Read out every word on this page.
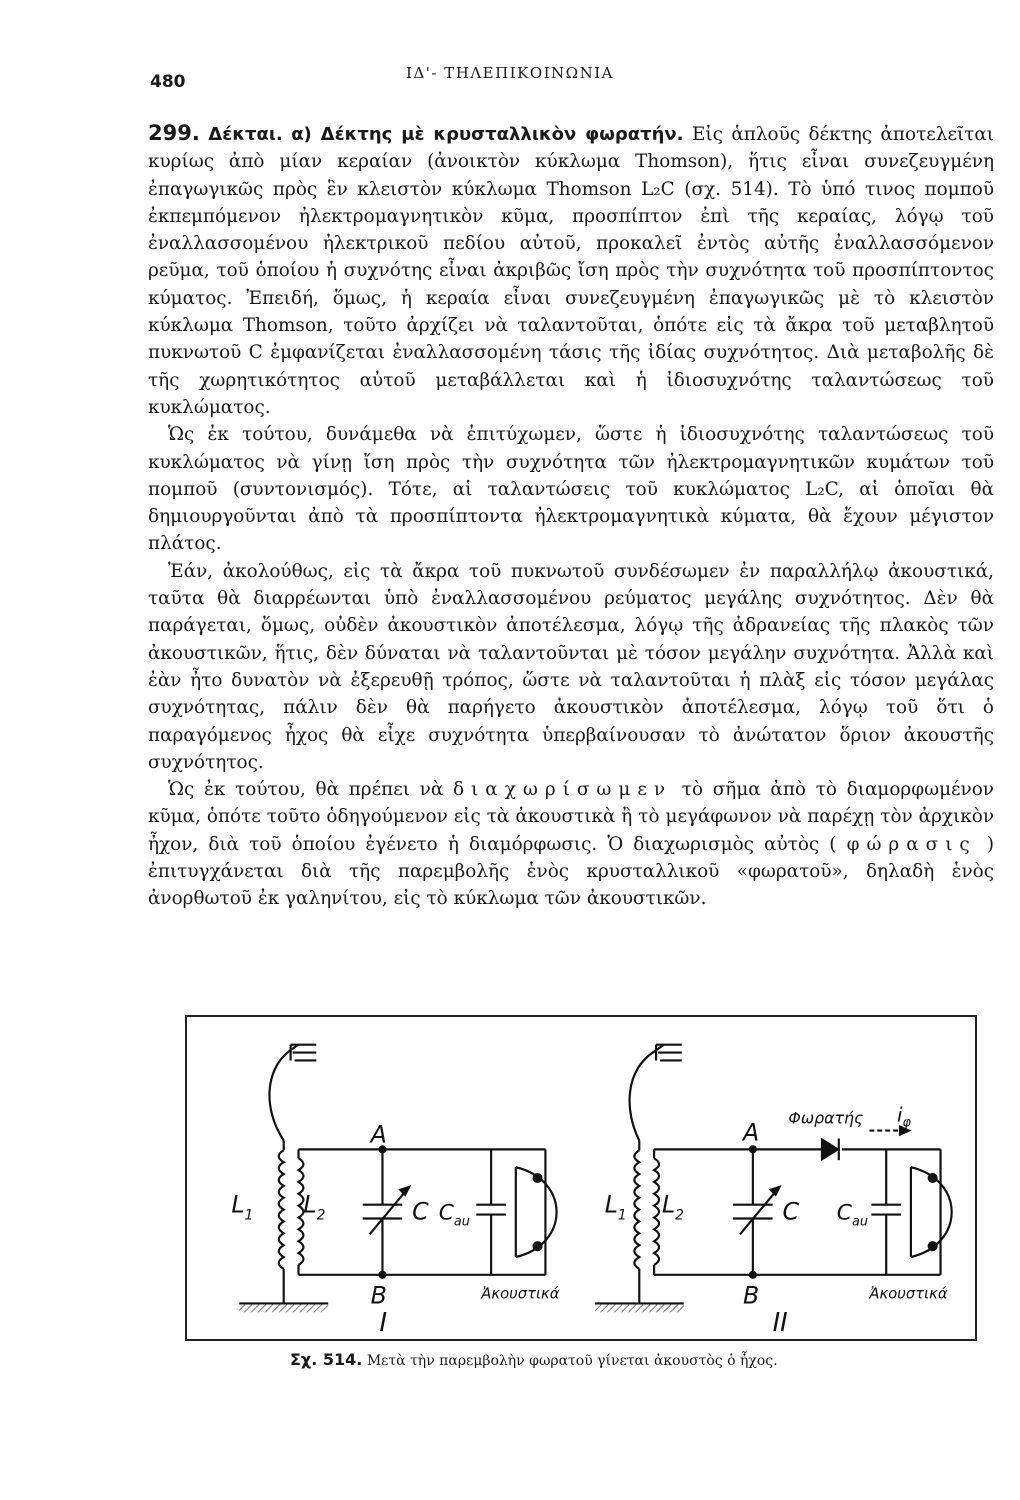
480	ΙΔ'- ΤΗΛΕΠΙΚΟΙΝΩΝΙΑ

299. Δέκται. α) Δέκτης μὲ κρυσταλλικὸν φωρατήν. Εἰς ἁπλοῦς δέκτης ἀποτελεῖται κυρίως ἀπὸ μίαν κεραίαν (ἀνοικτὸν κύκλωμα Thomson), ἥτις εἶναι συνεζευγμένη ἐπαγωγικῶς πρὸς ἓν κλειστὸν κύκλωμα Thomson L₂C (σχ. 514). Τὸ ὑπό τινος πομποῦ ἐκπεμπόμενον ἠλεκτρομαγνητικὸν κῦμα, προσπίπτον ἐπὶ τῆς κεραίας, λόγῳ τοῦ ἐναλλασσομένου ἠλεκτρικοῦ πεδίου αὐτοῦ, προκαλεῖ ἐντὸς αὐτῆς ἐναλλασσόμενον ρεῦμα, τοῦ ὁποίου ἡ συχνότης εἶναι ἀκριβῶς ἴση πρὸς τὴν συχνότητα τοῦ προσπίπτοντος κύματος. Ἐπειδή, ὅμως, ἡ κεραία εἶναι συνεζευγμένη ἐπαγωγικῶς μὲ τὸ κλειστὸν κύκλωμα Thomson, τοῦτο ἀρχίζει νὰ ταλαντοῦται, ὁπότε εἰς τὰ ἄκρα τοῦ μεταβλητοῦ πυκνωτοῦ C ἐμφανίζεται ἐναλλασσομένη τάσις τῆς ἰδίας συχνότητος. Διὰ μεταβολῆς δὲ τῆς χωρητικότητος αὐτοῦ μεταβάλλεται καὶ ἡ ἰδιοσυχνότης ταλαντώσεως τοῦ κυκλώματος.

Ὡς ἐκ τούτου, δυνάμεθα νὰ ἐπιτύχωμεν, ὥστε ἡ ἰδιοσυχνότης ταλαντώσεως τοῦ κυκλώματος νὰ γίνῃ ἴση πρὸς τὴν συχνότητα τῶν ἠλεκτρομαγνητικῶν κυμάτων τοῦ πομποῦ (συντονισμός). Τότε, αἱ ταλαντώσεις τοῦ κυκλώματος L₂C, αἱ ὁποῖαι θὰ δημιουργοῦνται ἀπὸ τὰ προσπίπτοντα ἠλεκτρομαγνητικὰ κύματα, θὰ ἔχουν μέγιστον πλάτος.

Ἐάν, ἀκολούθως, εἰς τὰ ἄκρα τοῦ πυκνωτοῦ συνδέσωμεν ἐν παραλλήλῳ ἀκουστικά, ταῦτα θὰ διαρρέωνται ὑπὸ ἐναλλασσομένου ρεύματος μεγάλης συχνότητος. Δὲν θὰ παράγεται, ὅμως, οὐδὲν ἀκουστικὸν ἀποτέλεσμα, λόγῳ τῆς ἀδρανείας τῆς πλακὸς τῶν ἀκουστικῶν, ἥτις, δὲν δύναται νὰ ταλαντοῦνται μὲ τόσον μεγάλην συχνότητα. Ἀλλὰ καὶ ἐὰν ἦτο δυνατὸν νὰ ἐξερευθῇ τρόπος, ὥστε νὰ ταλαντοῦται ἡ πλὰξ εἰς τόσον μεγάλας συχνότητας, πάλιν δὲν θὰ παρήγετο ἀκουστικὸν ἀποτέλεσμα, λόγῳ τοῦ ὅτι ὁ παραγόμενος ἦχος θὰ εἶχε συχνότητα ὑπερβαίνουσαν τὸ ἀνώτατον ὅριον ἀκουστῆς συχνότητος.

Ὡς ἐκ τούτου, θὰ πρέπει νὰ διαχωρίσωμεν τὸ σῆμα ἀπὸ τὸ διαμορφωμένον κῦμα, ὁπότε τοῦτο ὁδηγούμενον εἰς τὰ ἀκουστικὰ ἢ τὸ μεγάφωνον νὰ παρέχῃ τὸν ἀρχικὸν ἦχον, διὰ τοῦ ὁποίου ἐγένετο ἡ διαμόρφωσις. Ὁ διαχωρισμὸς αὐτὸς ( φώρασις ) ἐπιτυγχάνεται διὰ τῆς παρεμβολῆς ἑνὸς κρυσταλλικοῦ «φωρατοῦ», δηλαδὴ ἑνὸς ἀνορθωτοῦ ἐκ γαληνίτου, εἰς τὸ κύκλωμα τῶν ἀκουστικῶν.

$L_1$ $L_2$
A
B
C $C_{au}$
Ἀκουστικά
I
$L_1$ $L_2$
A
B
C $C_{au}$
Φωρατής $i_\varphi$
Ἀκουστικά
II
Σχ. 514. Μετὰ τὴν παρεμβολὴν φωρατοῦ γίνεται ἀκουστὸς ὁ ἦχος.
